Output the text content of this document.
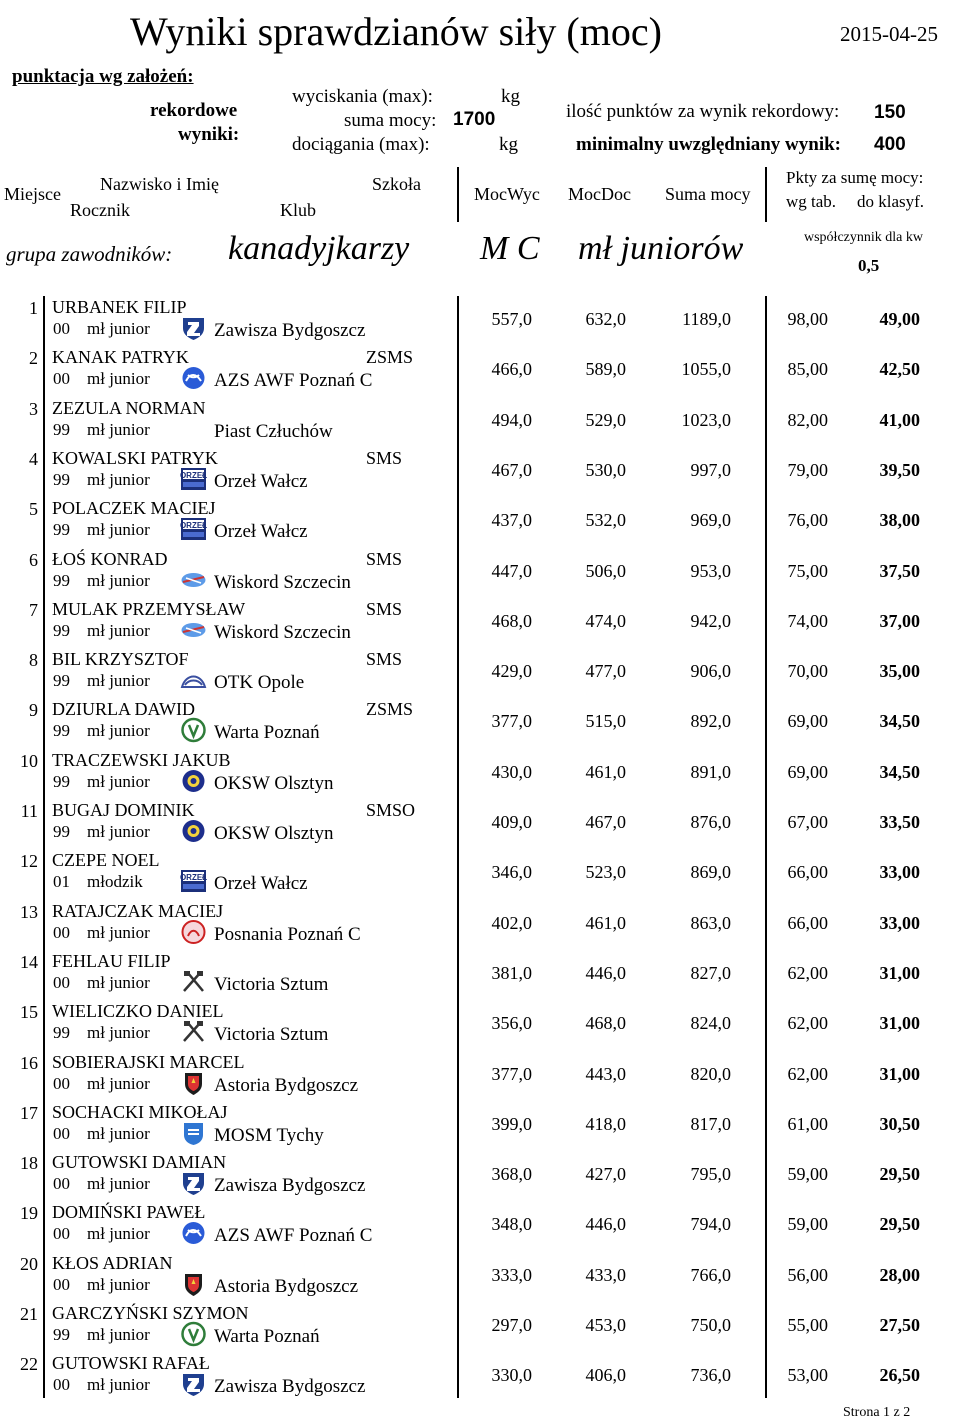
Wyniki sprawdzianów siły (moc)	2015-04-25
punktacja wg założeń:
rekordowe
wyniki:
wyciskania (max):	kg
suma mocy: 1700
dociągania (max):	kg
ilość punktów za wynik rekordowy: 150
minimalny uwzględniany wynik: 400
Miejsce Nazwisko i Imię
Rocznik
Szkoła
Klub
MocWyc MocDoc Suma mocy
Pkty za sumę mocy:
wg tab. do klasyf.
grupa zawodników: kanadyjkarzy M C mł juniorów	współczynnik dla kw
0,5
1 URBANEK FILIP
00 mł junior	Zawisza Bydgoszcz
557,0	632,0	1189,0	98,00	49,00
2 KANAK PATRYK	ZSMS
00 mł junior	AZS AWF Poznań C
466,0	589,0	1055,0	85,00	42,50
3 ZEZULA NORMAN
99 mł junior	Piast Człuchów
494,0	529,0	1023,0	82,00	41,00
4 KOWALSKI PATRYK	SMS
99 mł junior	Orzeł Wałcz
467,0	530,0	997,0	79,00	39,50
5 POLACZEK MACIEJ
99 mł junior	Orzeł Wałcz
437,0	532,0	969,0	76,00	38,00
6 ŁOŚ KONRAD	SMS
99 mł junior	Wiskord Szczecin
447,0	506,0	953,0	75,00	37,50
7 MULAK PRZEMYSŁAW	SMS
99 mł junior	Wiskord Szczecin
468,0	474,0	942,0	74,00	37,00
8 BIL KRZYSZTOF	SMS
99 mł junior	OTK Opole
429,0	477,0	906,0	70,00	35,00
9 DZIURLA DAWID	ZSMS
99 mł junior	Warta Poznań
377,0	515,0	892,0	69,00	34,50
10 TRACZEWSKI JAKUB
99 mł junior	OKSW Olsztyn
430,0	461,0	891,0	69,00	34,50
11 BUGAJ DOMINIK	SMSO
99 mł junior	OKSW Olsztyn
409,0	467,0	876,0	67,00	33,50
12 CZEPE NOEL
01 młodzik	Orzeł Wałcz
346,0	523,0	869,0	66,00	33,00
13 RATAJCZAK MACIEJ
00 mł junior	Posnania Poznań C
402,0	461,0	863,0	66,00	33,00
14 FEHLAU FILIP
00 mł junior	Victoria Sztum
381,0	446,0	827,0	62,00	31,00
15 WIELICZKO DANIEL
99 mł junior	Victoria Sztum
356,0	468,0	824,0	62,00	31,00
16 SOBIERAJSKI MARCEL
00 mł junior	Astoria Bydgoszcz
377,0	443,0	820,0	62,00	31,00
17 SOCHACKI MIKOŁAJ
00 mł junior	MOSM Tychy
399,0	418,0	817,0	61,00	30,50
18 GUTOWSKI DAMIAN
00 mł junior	Zawisza Bydgoszcz
368,0	427,0	795,0	59,00	29,50
19 DOMIŃSKI PAWEŁ
00 mł junior	AZS AWF Poznań C
348,0	446,0	794,0	59,00	29,50
20 KŁOS ADRIAN
00 mł junior	Astoria Bydgoszcz
333,0	433,0	766,0	56,00	28,00
21 GARCZYŃSKI SZYMON
99 mł junior	Warta Poznań
297,0	453,0	750,0	55,00	27,50
22 GUTOWSKI RAFAŁ
00 mł junior	Zawisza Bydgoszcz
330,0	406,0	736,0	53,00	26,50
Strona 1 z 2
